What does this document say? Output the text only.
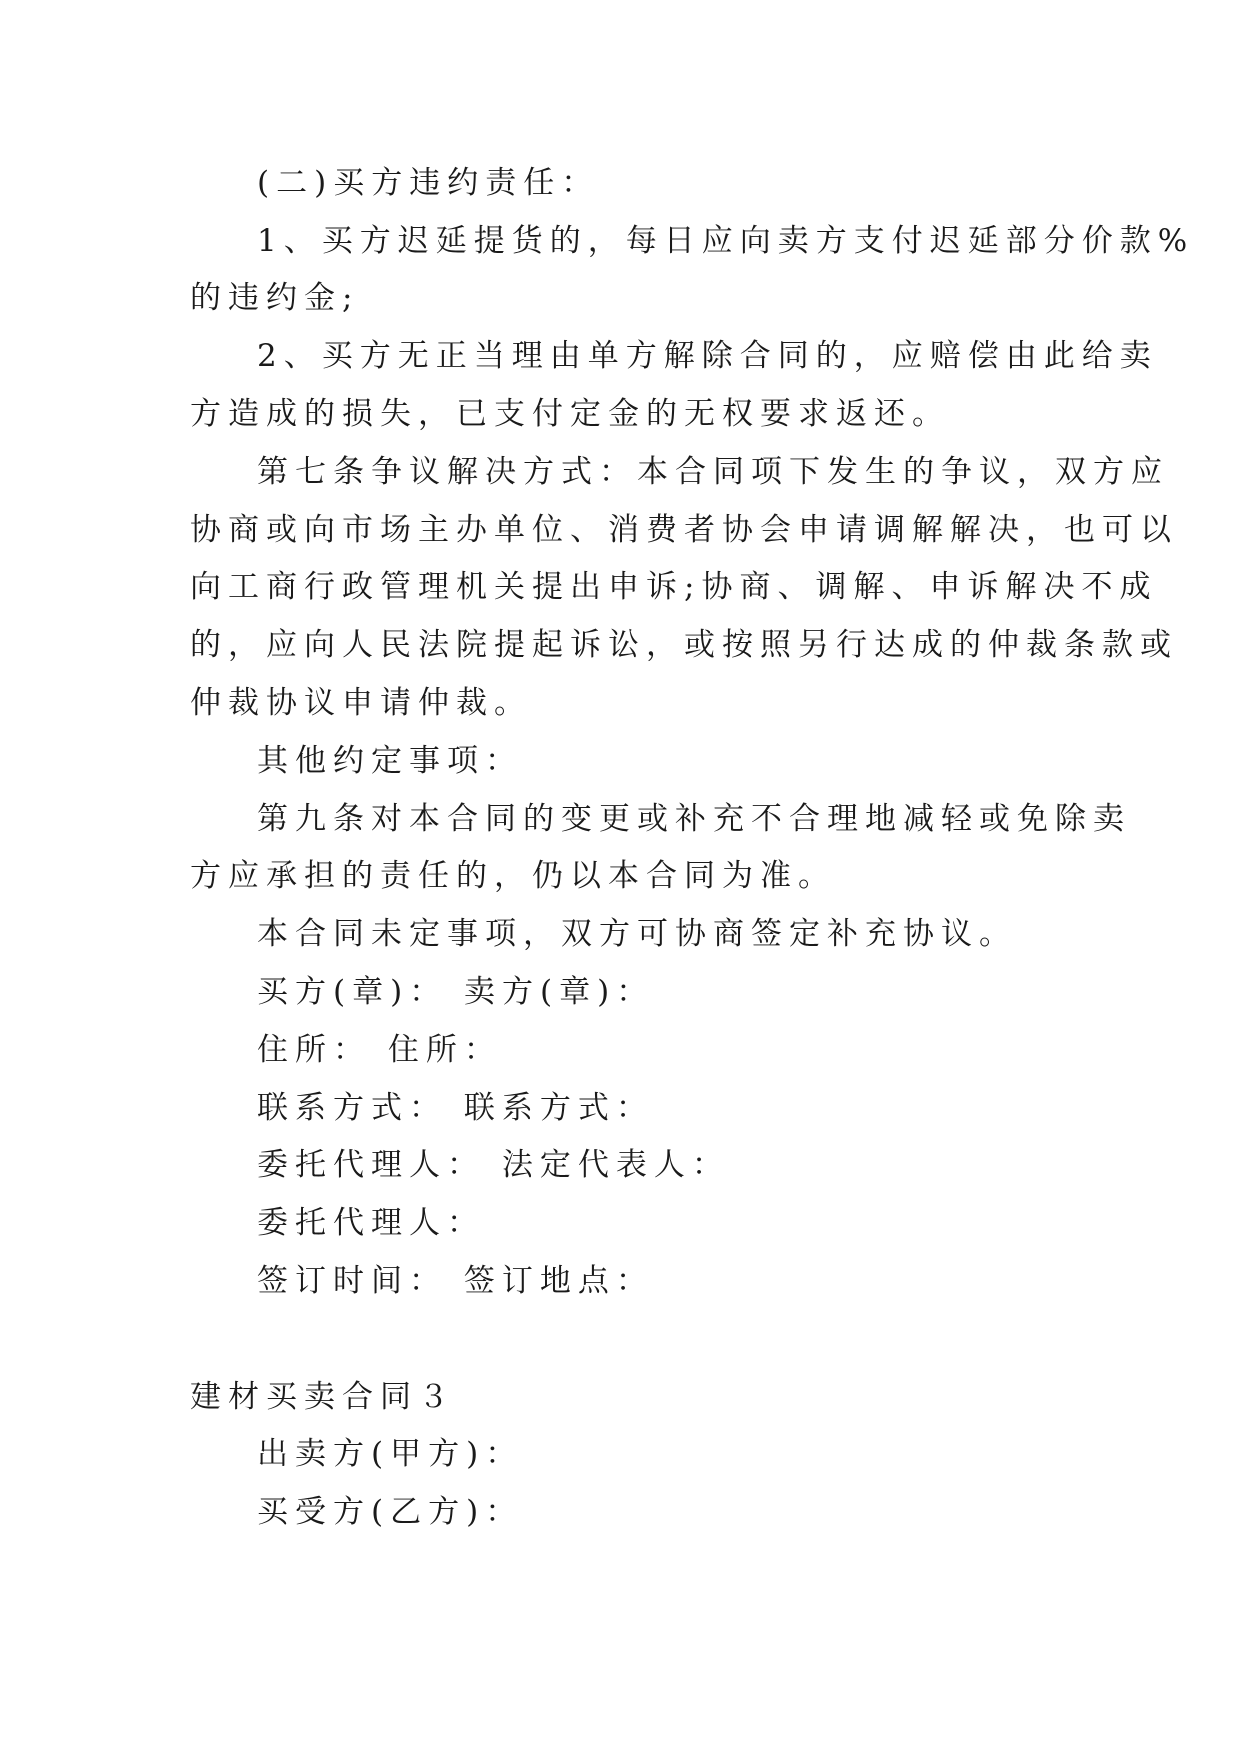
(二)买方违约责任：
1、买方迟延提货的，每日应向卖方支付迟延部分价款%
的违约金;
2、买方无正当理由单方解除合同的，应赔偿由此给卖
方造成的损失，已支付定金的无权要求返还。
第七条争议解决方式：本合同项下发生的争议，双方应
协商或向市场主办单位、消费者协会申请调解解决，也可以
向工商行政管理机关提出申诉;协商、调解、申诉解决不成
的，应向人民法院提起诉讼，或按照另行达成的仲裁条款或
仲裁协议申请仲裁。
其他约定事项：
第九条对本合同的变更或补充不合理地减轻或免除卖
方应承担的责任的，仍以本合同为准。
本合同未定事项，双方可协商签定补充协议。
买方(章)： 卖方(章)：
住所： 住所：
联系方式： 联系方式：
委托代理人： 法定代表人：
委托代理人：
签订时间： 签订地点：
建材买卖合同３
出卖方(甲方)：
买受方(乙方)：
